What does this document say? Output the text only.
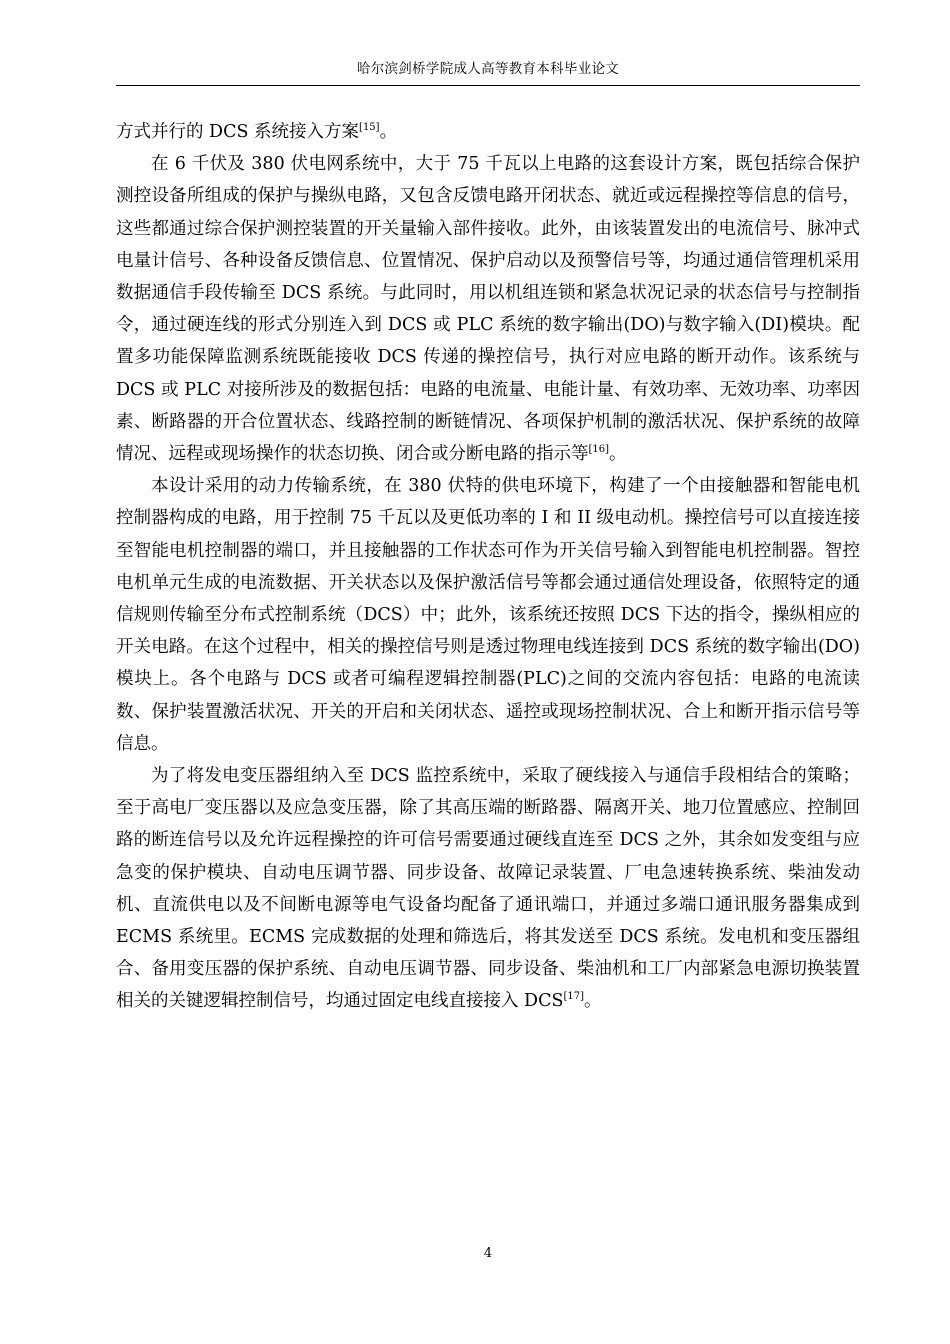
哈尔滨剑桥学院成人高等教育本科毕业论文

方式并行的 DCS 系统接入方案[15]。

在 6 千伏及 380 伏电网系统中，大于 75 千瓦以上电路的这套设计方案，既包括综合保护测控设备所组成的保护与操纵电路，又包含反馈电路开闭状态、就近或远程操控等信息的信号，这些都通过综合保护测控装置的开关量输入部件接收。此外，由该装置发出的电流信号、脉冲式电量计信号、各种设备反馈信息、位置情况、保护启动以及预警信号等，均通过通信管理机采用数据通信手段传输至 DCS 系统。与此同时，用以机组连锁和紧急状况记录的状态信号与控制指令，通过硬连线的形式分别连入到 DCS 或 PLC 系统的数字输出(DO)与数字输入(DI)模块。配置多功能保障监测系统既能接收 DCS 传递的操控信号，执行对应电路的断开动作。该系统与 DCS 或 PLC 对接所涉及的数据包括：电路的电流量、电能计量、有效功率、无效功率、功率因素、断路器的开合位置状态、线路控制的断链情况、各项保护机制的激活状况、保护系统的故障情况、远程或现场操作的状态切换、闭合或分断电路的指示等[16]。

本设计采用的动力传输系统，在 380 伏特的供电环境下，构建了一个由接触器和智能电机控制器构成的电路，用于控制 75 千瓦以及更低功率的 I 和 II 级电动机。操控信号可以直接连接至智能电机控制器的端口，并且接触器的工作状态可作为开关信号输入到智能电机控制器。智控电机单元生成的电流数据、开关状态以及保护激活信号等都会通过通信处理设备，依照特定的通信规则传输至分布式控制系统（DCS）中；此外，该系统还按照 DCS 下达的指令，操纵相应的开关电路。在这个过程中，相关的操控信号则是透过物理电线连接到 DCS 系统的数字输出(DO)模块上。各个电路与 DCS 或者可编程逻辑控制器(PLC)之间的交流内容包括：电路的电流读数、保护装置激活状况、开关的开启和关闭状态、遥控或现场控制状况、合上和断开指示信号等信息。

为了将发电变压器组纳入至 DCS 监控系统中，采取了硬线接入与通信手段相结合的策略；至于高电厂变压器以及应急变压器，除了其高压端的断路器、隔离开关、地刀位置感应、控制回路的断连信号以及允许远程操控的许可信号需要通过硬线直连至 DCS 之外，其余如发变组与应急变的保护模块、自动电压调节器、同步设备、故障记录装置、厂电急速转换系统、柴油发动机、直流供电以及不间断电源等电气设备均配备了通讯端口，并通过多端口通讯服务器集成到 ECMS 系统里。ECMS 完成数据的处理和筛选后，将其发送至 DCS 系统。发电机和变压器组合、备用变压器的保护系统、自动电压调节器、同步设备、柴油机和工厂内部紧急电源切换装置相关的关键逻辑控制信号，均通过固定电线直接接入 DCS[17]。

4
